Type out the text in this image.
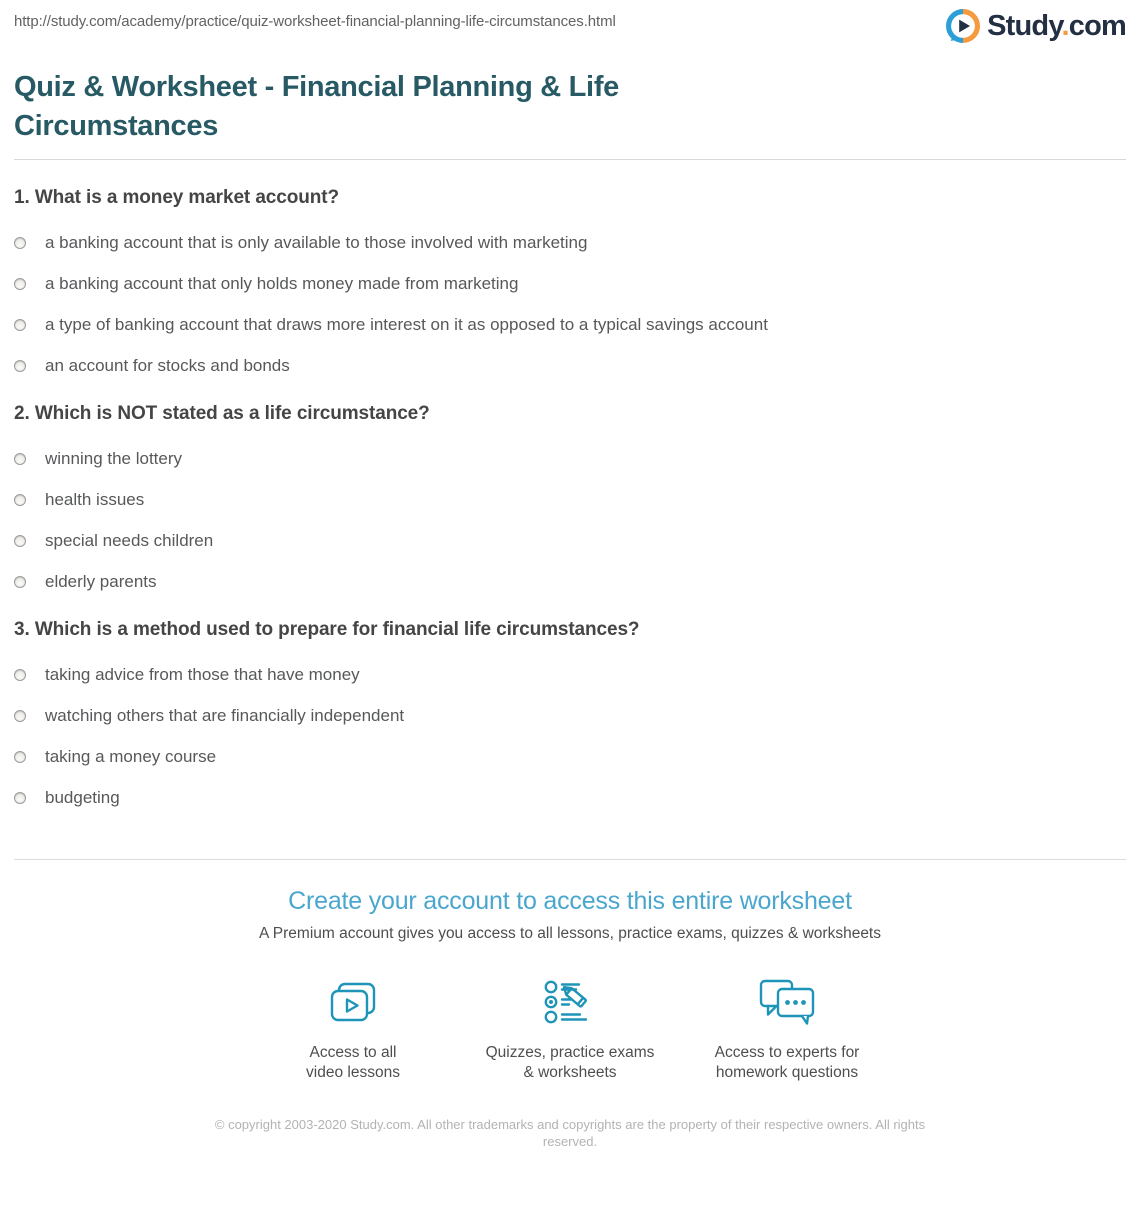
http://study.com/academy/practice/quiz-worksheet-financial-planning-life-circumstances.html	Study.com
Quiz & Worksheet - Financial Planning & Life
Circumstances
1. What is a money market account?
a banking account that is only available to those involved with marketing
a banking account that only holds money made from marketing
a type of banking account that draws more interest on it as opposed to a typical savings account
an account for stocks and bonds
2. Which is NOT stated as a life circumstance?
winning the lottery
health issues
special needs children
elderly parents
3. Which is a method used to prepare for financial life circumstances?
taking advice from those that have money
watching others that are financially independent
taking a money course
budgeting
Create your account to access this entire worksheet

A Premium account gives you access to all lessons, practice exams, quizzes & worksheets

Access to all
video lessons
Quizzes, practice exams
& worksheets
Access to experts for
homework questions

© copyright 2003-2020 Study.com. All other trademarks and copyrights are the property of their respective owners. All rights reserved.
